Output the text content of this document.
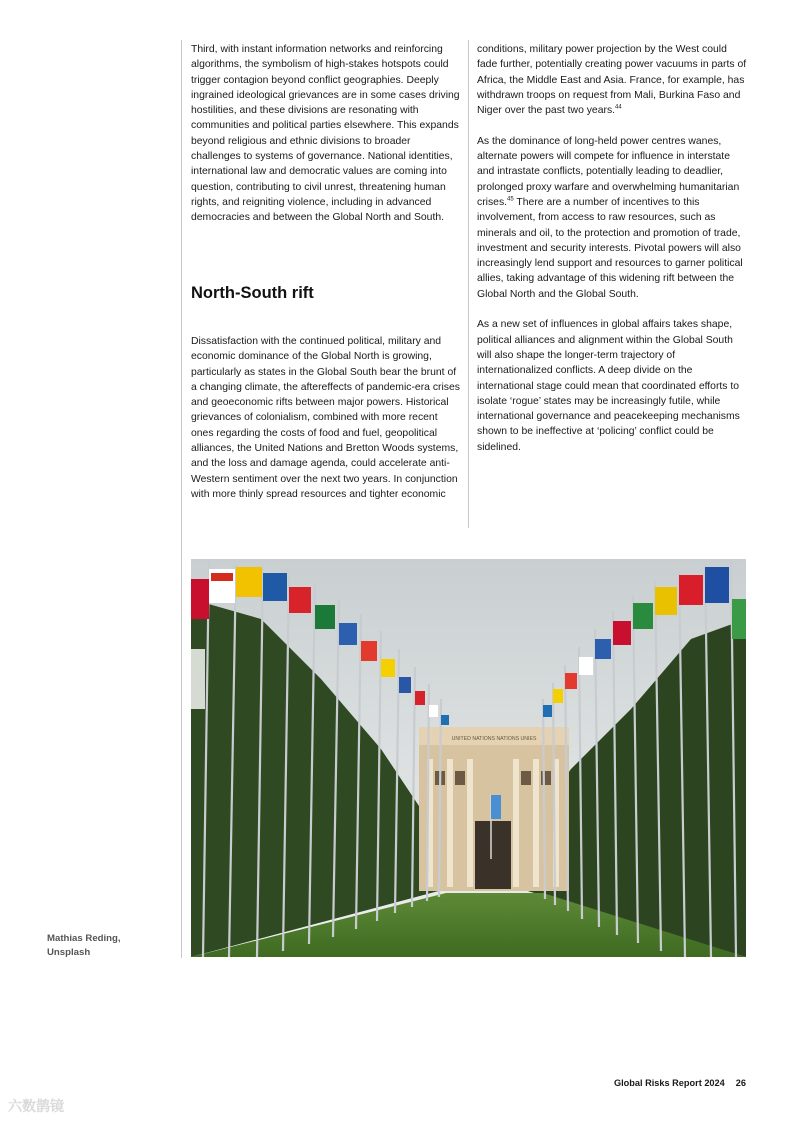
Third, with instant information networks and reinforcing algorithms, the symbolism of high-stakes hotspots could trigger contagion beyond conflict geographies. Deeply ingrained ideological grievances are in some cases driving hostilities, and these divisions are resonating with communities and political parties elsewhere. This expands beyond religious and ethnic divisions to broader challenges to systems of governance. National identities, international law and democratic values are coming into question, contributing to civil unrest, threatening human rights, and reigniting violence, including in advanced democracies and between the Global North and South.

North-South rift

Dissatisfaction with the continued political, military and economic dominance of the Global North is growing, particularly as states in the Global South bear the brunt of a changing climate, the aftereffects of pandemic-era crises and geoeconomic rifts between major powers. Historical grievances of colonialism, combined with more recent ones regarding the costs of food and fuel, geopolitical alliances, the United Nations and Bretton Woods systems, and the loss and damage agenda, could accelerate anti-Western sentiment over the next two years. In conjunction with more thinly spread resources and tighter economic

conditions, military power projection by the West could fade further, potentially creating power vacuums in parts of Africa, the Middle East and Asia. France, for example, has withdrawn troops on request from Mali, Burkina Faso and Niger over the past two years.$^{44}$

As the dominance of long-held power centres wanes, alternate powers will compete for influence in interstate and intrastate conflicts, potentially leading to deadlier, prolonged proxy warfare and overwhelming humanitarian crises.$^{45}$ There are a number of incentives to this involvement, from access to raw resources, such as minerals and oil, to the protection and promotion of trade, investment and security interests. Pivotal powers will also increasingly lend support and resources to garner political allies, taking advantage of this widening rift between the Global North and the Global South.

As a new set of influences in global affairs takes shape, political alliances and alignment within the Global South will also shape the longer-term trajectory of internationalized conflicts. A deep divide on the international stage could mean that coordinated efforts to isolate ‘rogue’ states may be increasingly futile, while international governance and peacekeeping mechanisms shown to be ineffective at ‘policing’ conflict could be sidelined.

UNITED NATIONS NATIONS UNIES
Mathias Reding, Unsplash
Global Risks Report 2024 26
六数鹊镜
